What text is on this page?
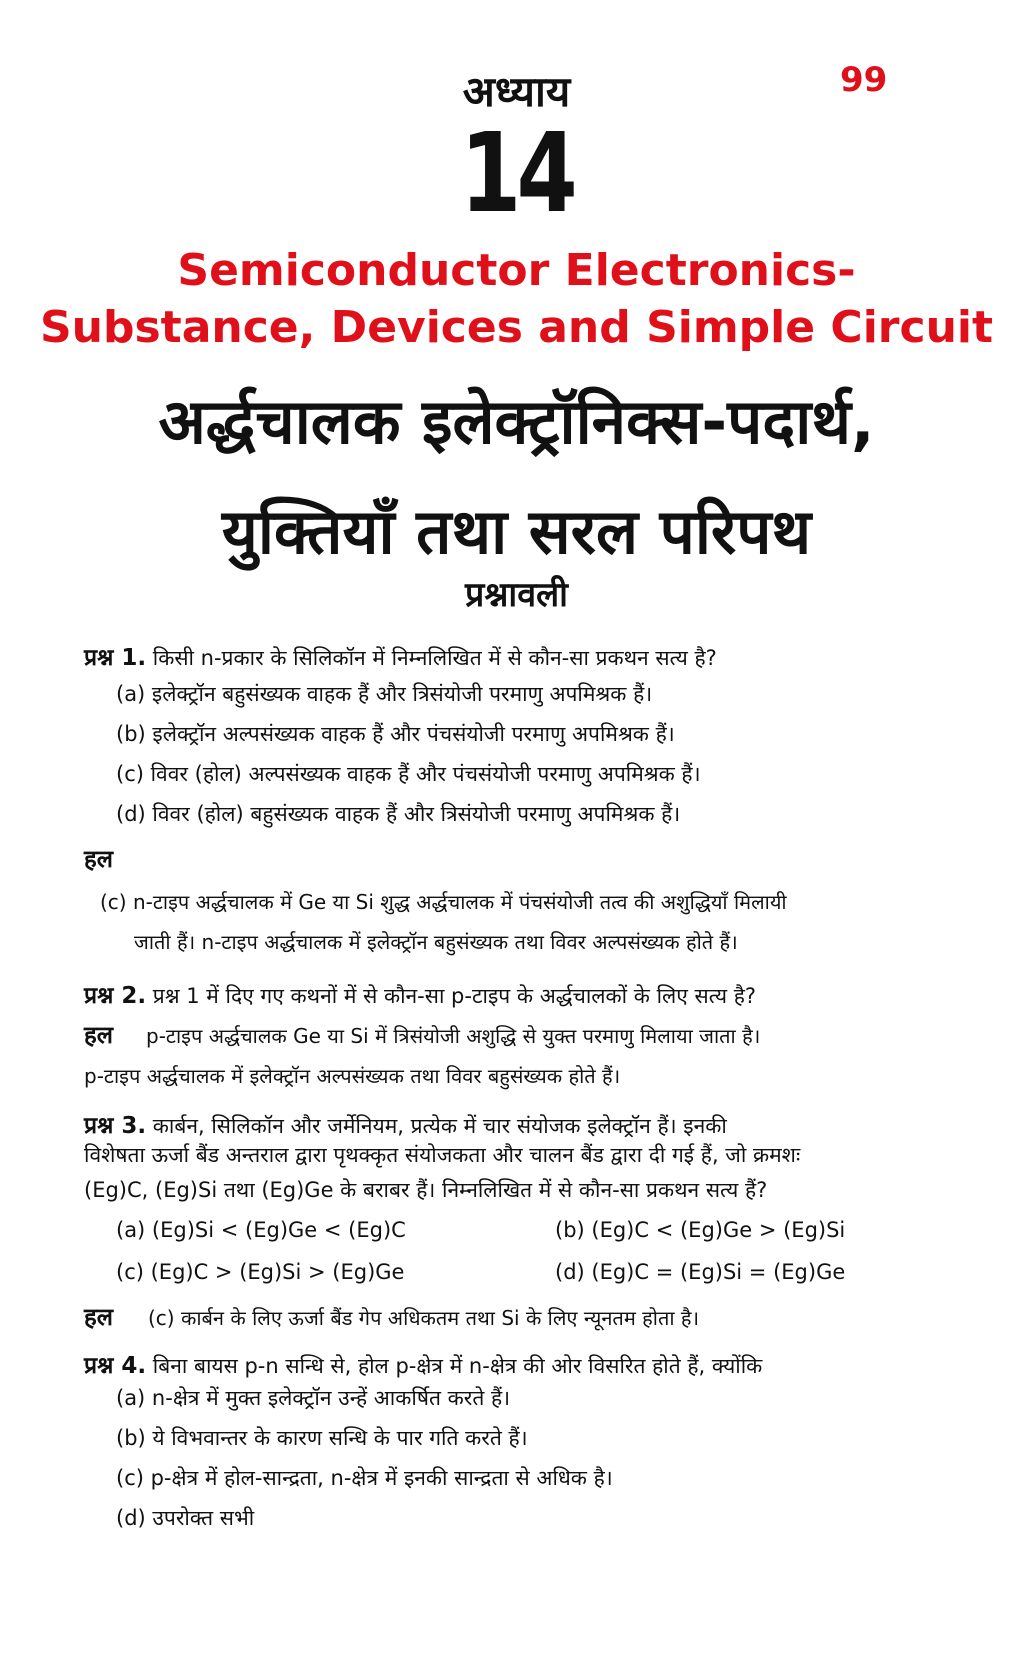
अध्याय	99
14
Semiconductor Electronics-
Substance, Devices and Simple Circuit
अर्द्धचालक इलेक्ट्रॉनिक्स-पदार्थ,
युक्तियाँ तथा सरल परिपथ
प्रश्नावली
प्रश्न 1. किसी n-प्रकार के सिलिकॉन में निम्नलिखित में से कौन-सा प्रकथन सत्य है?
(a) इलेक्ट्रॉन बहुसंख्यक वाहक हैं और त्रिसंयोजी परमाणु अपमिश्रक हैं।
(b) इलेक्ट्रॉन अल्पसंख्यक वाहक हैं और पंचसंयोजी परमाणु अपमिश्रक हैं।
(c) विवर (होल) अल्पसंख्यक वाहक हैं और पंचसंयोजी परमाणु अपमिश्रक हैं।
(d) विवर (होल) बहुसंख्यक वाहक हैं और त्रिसंयोजी परमाणु अपमिश्रक हैं।
हल
(c) n-टाइप अर्द्धचालक में Ge या Si शुद्ध अर्द्धचालक में पंचसंयोजी तत्व की अशुद्धियाँ मिलायी
जाती हैं। n-टाइप अर्द्धचालक में इलेक्ट्रॉन बहुसंख्यक तथा विवर अल्पसंख्यक होते हैं।
प्रश्न 2. प्रश्न 1 में दिए गए कथनों में से कौन-सा p-टाइप के अर्द्धचालकों के लिए सत्य है?
हल p-टाइप अर्द्धचालक Ge या Si में त्रिसंयोजी अशुद्धि से युक्त परमाणु मिलाया जाता है।
p-टाइप अर्द्धचालक में इलेक्ट्रॉन अल्पसंख्यक तथा विवर बहुसंख्यक होते हैं।
प्रश्न 3. कार्बन, सिलिकॉन और जर्मेनियम, प्रत्येक में चार संयोजक इलेक्ट्रॉन हैं। इनकी
विशेषता ऊर्जा बैंड अन्तराल द्वारा पृथक्कृत संयोजकता और चालन बैंड द्वारा दी गई हैं, जो क्रमशः
(Eg)C, (Eg)Si तथा (Eg)Ge के बराबर हैं। निम्नलिखित में से कौन-सा प्रकथन सत्य हैं?
(a) (Eg)Si < (Eg)Ge < (Eg)C	(b) (Eg)C < (Eg)Ge > (Eg)Si
(c) (Eg)C > (Eg)Si > (Eg)Ge	(d) (Eg)C = (Eg)Si = (Eg)Ge
हल (c) कार्बन के लिए ऊर्जा बैंड गेप अधिकतम तथा Si के लिए न्यूनतम होता है।
प्रश्न 4. बिना बायस p-n सन्धि से, होल p-क्षेत्र में n-क्षेत्र की ओर विसरित होते हैं, क्योंकि
(a) n-क्षेत्र में मुक्त इलेक्ट्रॉन उन्हें आकर्षित करते हैं।
(b) ये विभवान्तर के कारण सन्धि के पार गति करते हैं।
(c) p-क्षेत्र में होल-सान्द्रता, n-क्षेत्र में इनकी सान्द्रता से अधिक है।
(d) उपरोक्त सभी
